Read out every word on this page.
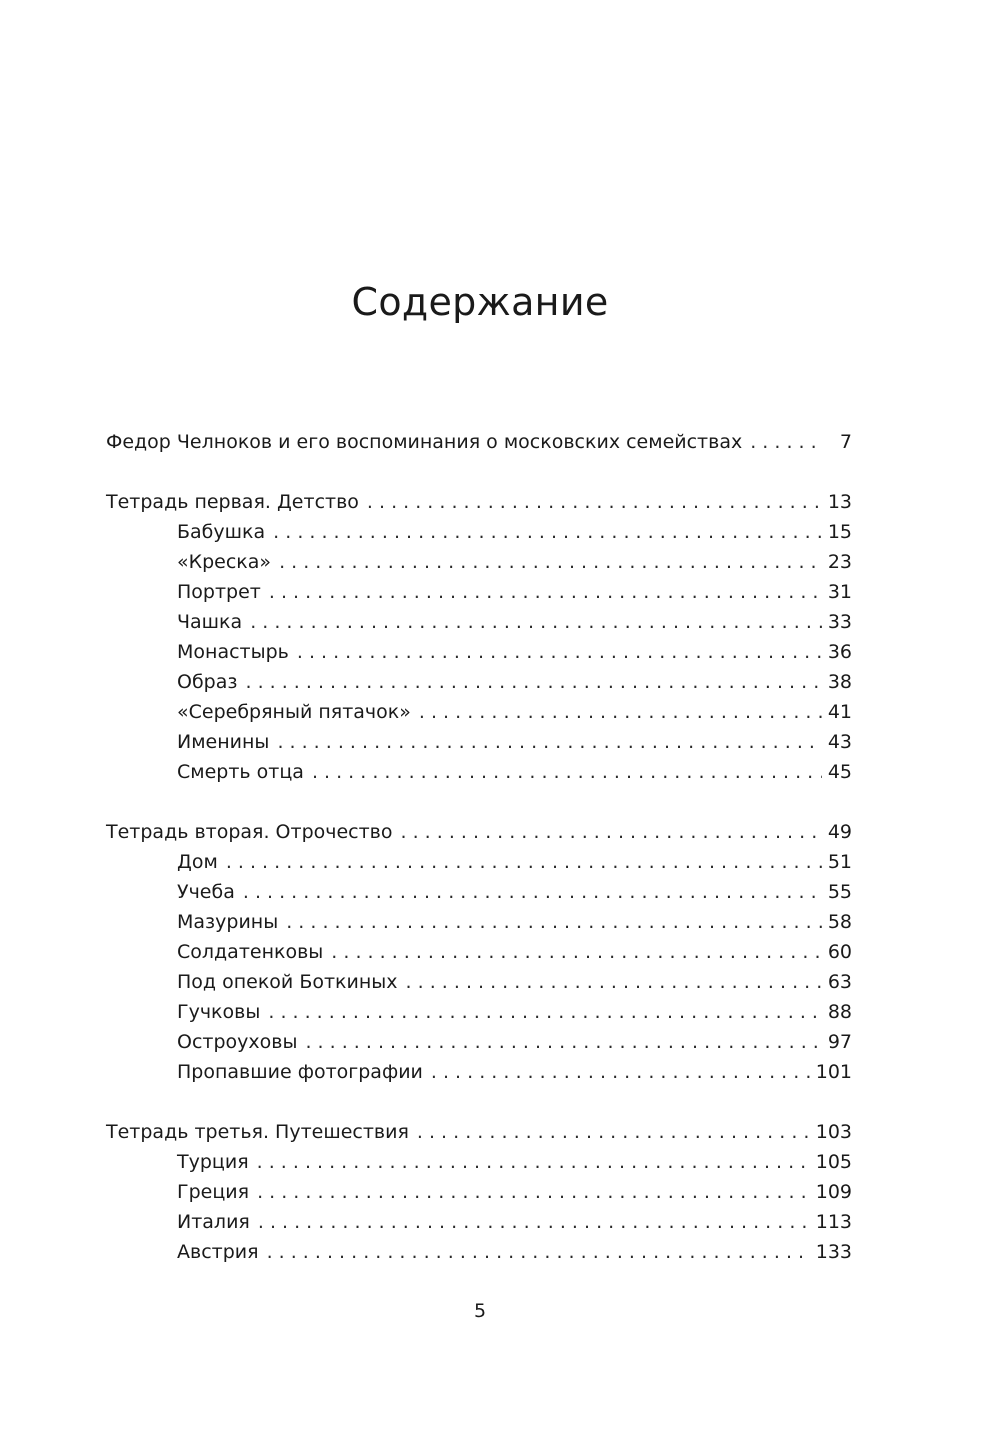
Содержание
Федор Челноков и его воспоминания о московских семействах . . .	7
Тетрадь первая. Детство . . .	13
Бабушка . . .	15
«Креска» . . .	23
Портрет . . .	31
Чашка . . .	33
Монастырь . . .	36
Образ . . .	38
«Серебряный пятачок» . . .	41
Именины . . .	43
Смерть отца . . .	45
Тетрадь вторая. Отрочество . . .	49
Дом . . .	51
Учеба . . .	55
Мазурины . . .	58
Солдатенковы . . .	60
Под опекой Боткиных . . .	63
Гучковы . . .	88
Остроуховы . . .	97
Пропавшие фотографии . . .	101
Тетрадь третья. Путешествия . . .	103
Турция . . .	105
Греция . . .	109
Италия . . .	113
Австрия . . .	133
5
